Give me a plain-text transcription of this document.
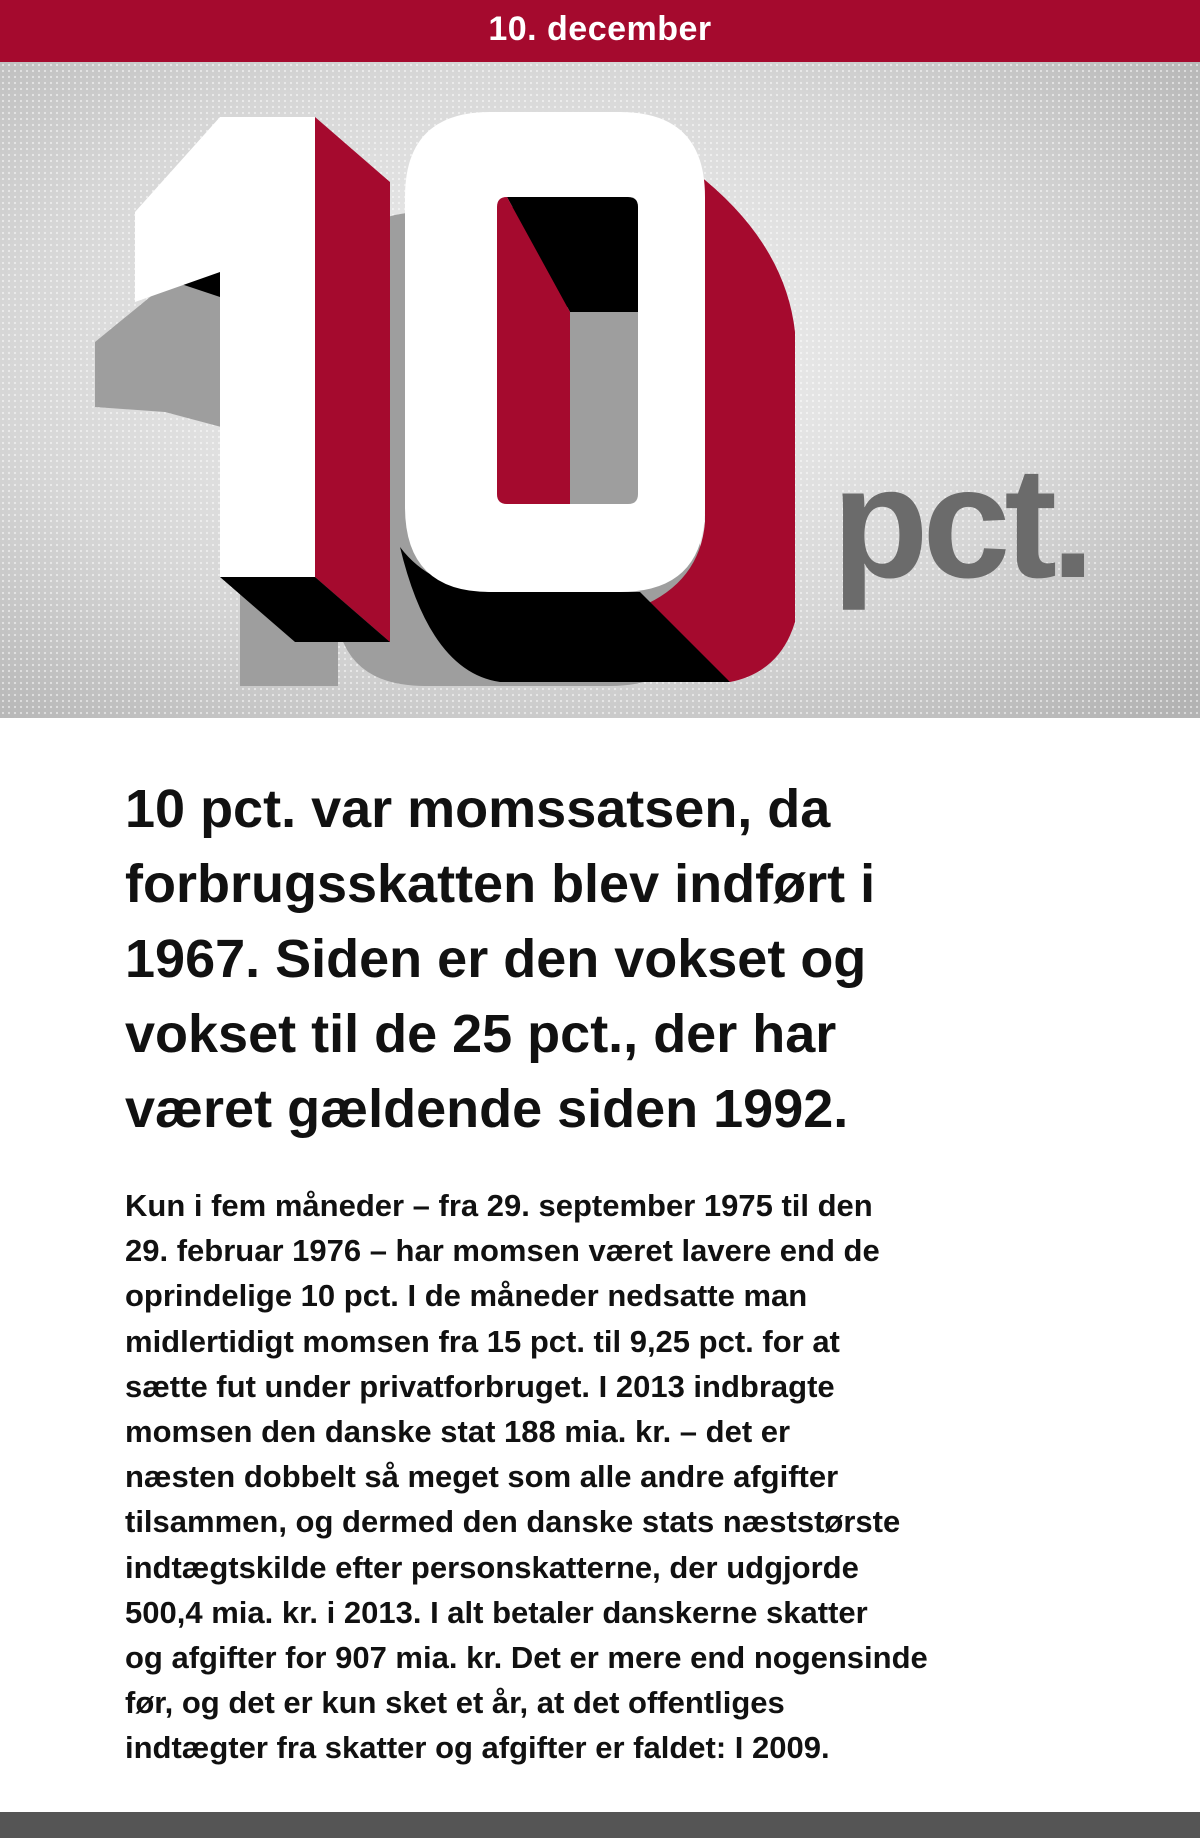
10. december
pct.
10 pct. var momssatsen, da
forbrugsskatten blev indført i
1967. Siden er den vokset og
vokset til de 25 pct., der har
været gældende siden 1992.

Kun i fem måneder – fra 29. september 1975 til den
29. februar 1976 – har momsen været lavere end de
oprindelige 10 pct. I de måneder nedsatte man
midlertidigt momsen fra 15 pct. til 9,25 pct. for at
sætte fut under privatforbruget. I 2013 indbragte
momsen den danske stat 188 mia. kr. – det er
næsten dobbelt så meget som alle andre afgifter
tilsammen, og dermed den danske stats næststørste
indtægtskilde efter personskatterne, der udgjorde
500,4 mia. kr. i 2013. I alt betaler danskerne skatter
og afgifter for 907 mia. kr. Det er mere end nogensinde
før, og det er kun sket et år, at det offentliges
indtægter fra skatter og afgifter er faldet: I 2009.
